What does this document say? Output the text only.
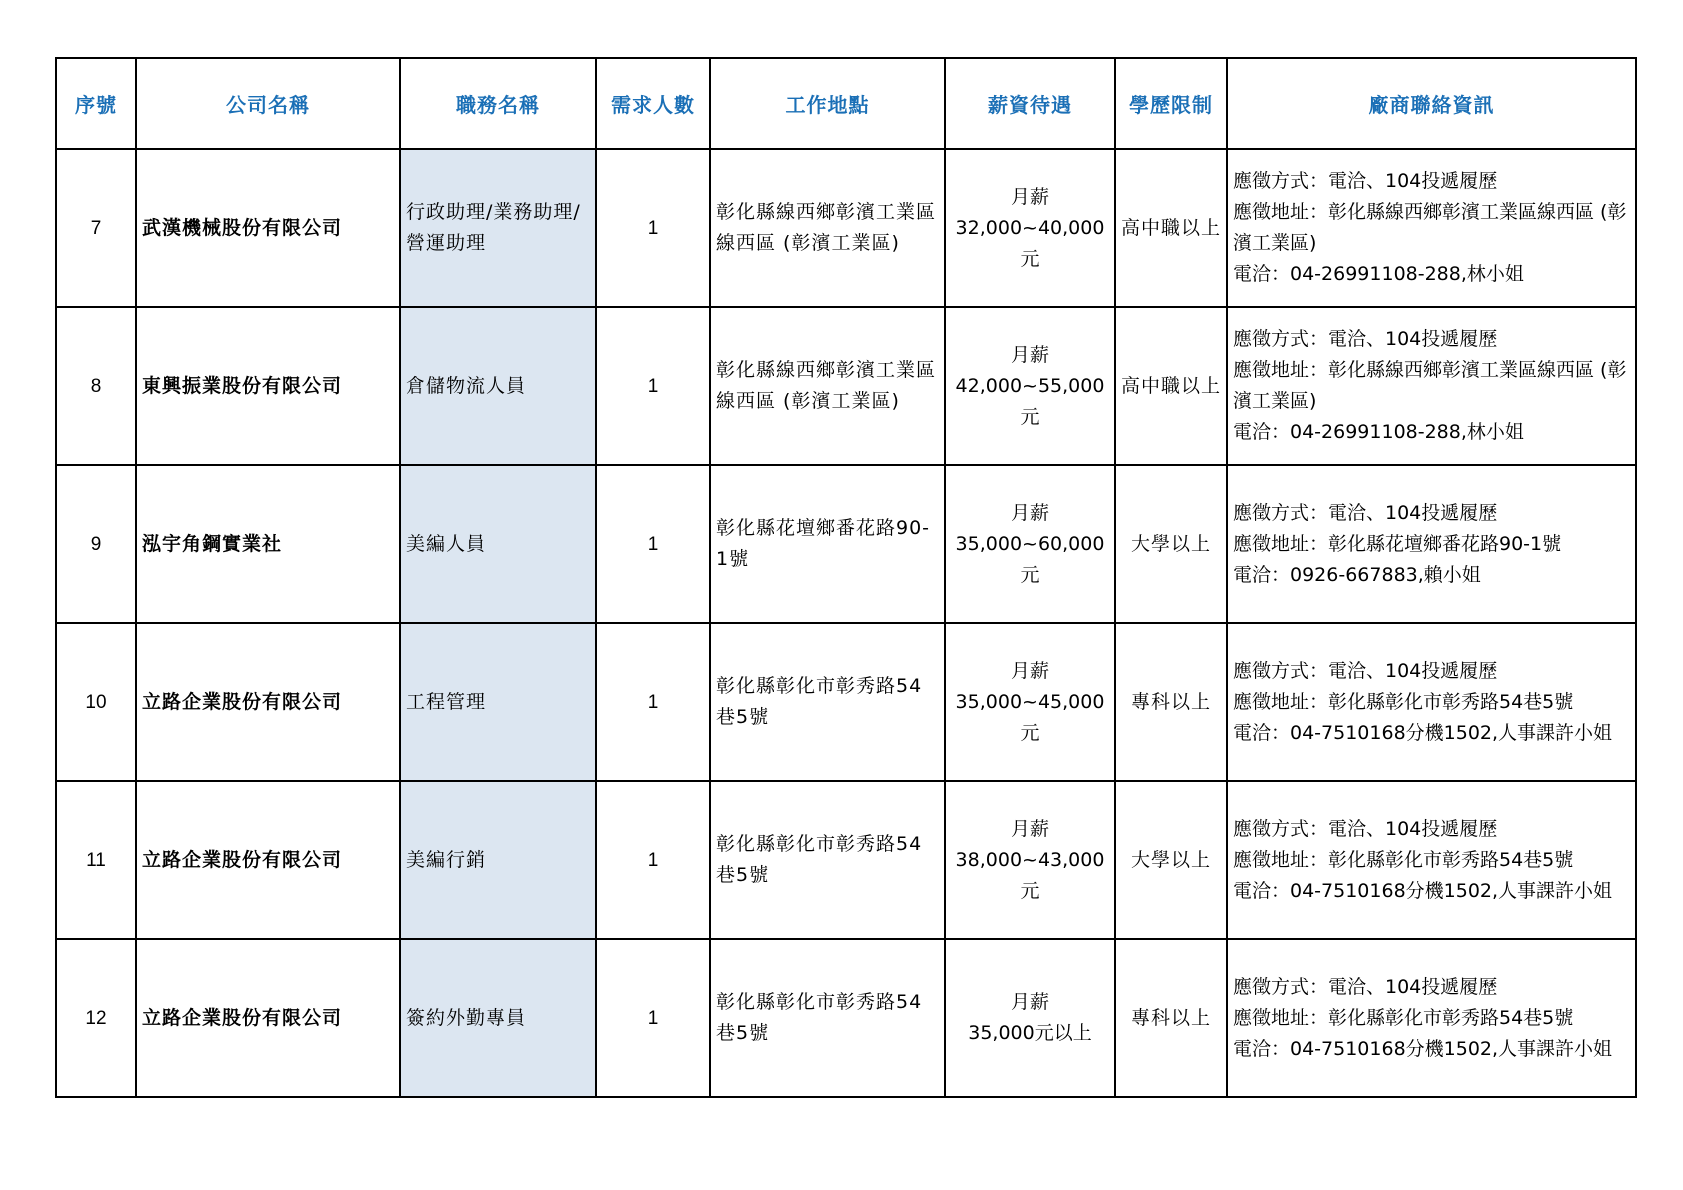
序號	公司名稱	職務名稱	需求人數	工作地點	薪資待遇	學歷限制	廠商聯絡資訊
7	武漢機械股份有限公司	行政助理/業務助理/營運助理	1	彰化縣線西鄉彰濱工業區線西區 (彰濱工業區)	月薪
32,000~40,000元	高中職以上	應徵方式：電洽、104投遞履歷
應徵地址：彰化縣線西鄉彰濱工業區線西區 (彰濱工業區)
電洽：04-26991108-288,林小姐

8	東興振業股份有限公司	倉儲物流人員	1	彰化縣線西鄉彰濱工業區線西區 (彰濱工業區)	月薪
42,000~55,000元	高中職以上	應徵方式：電洽、104投遞履歷
應徵地址：彰化縣線西鄉彰濱工業區線西區 (彰濱工業區)
電洽：04-26991108-288,林小姐

9	泓宇角鋼實業社	美編人員	1	彰化縣花壇鄉番花路90-1號	月薪
35,000~60,000元	大學以上	應徵方式：電洽、104投遞履歷
應徵地址：彰化縣花壇鄉番花路90-1號
電洽：0926-667883,賴小姐

10	立路企業股份有限公司	工程管理	1	彰化縣彰化市彰秀路54巷5號	月薪
35,000~45,000元	專科以上	應徵方式：電洽、104投遞履歷
應徵地址：彰化縣彰化市彰秀路54巷5號
電洽：04-7510168分機1502,人事課許小姐

11	立路企業股份有限公司	美編行銷	1	彰化縣彰化市彰秀路54巷5號	月薪
38,000~43,000元	大學以上	應徵方式：電洽、104投遞履歷
應徵地址：彰化縣彰化市彰秀路54巷5號
電洽：04-7510168分機1502,人事課許小姐

12	立路企業股份有限公司	簽約外勤專員	1	彰化縣彰化市彰秀路54巷5號	月薪
35,000元以上	專科以上	應徵方式：電洽、104投遞履歷
應徵地址：彰化縣彰化市彰秀路54巷5號
電洽：04-7510168分機1502,人事課許小姐
